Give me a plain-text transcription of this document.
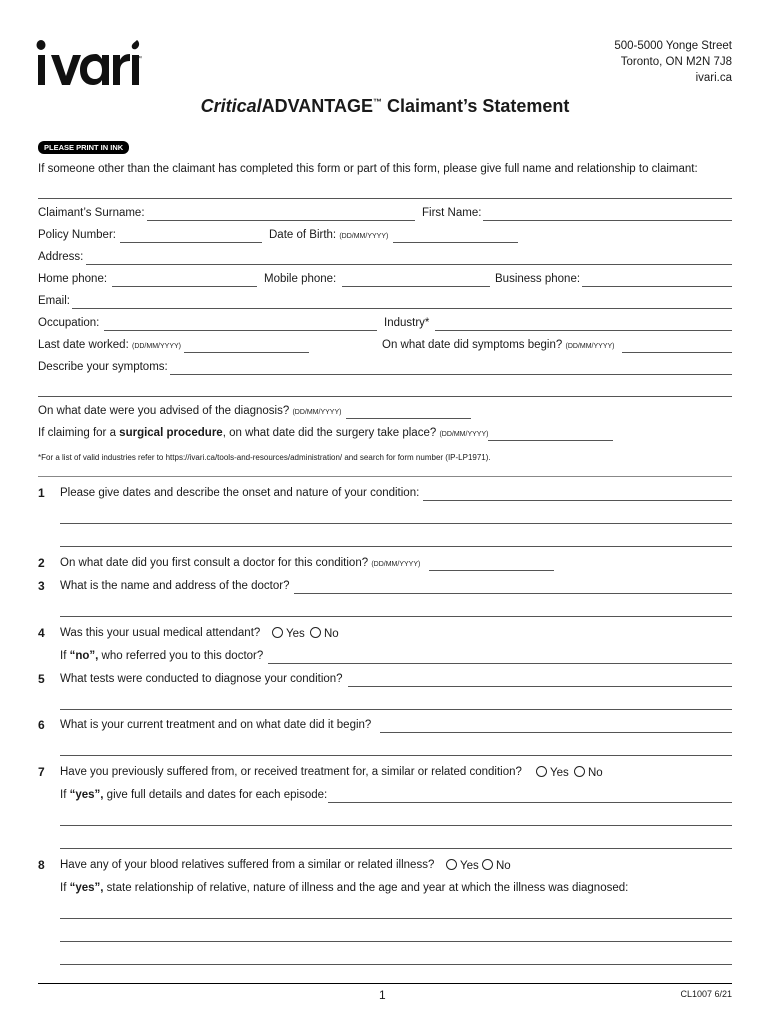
™
500-5000 Yonge Street
Toronto, ON M2N 7J8
ivari.ca
CriticalADVANTAGE™ Claimant’s Statement
PLEASE PRINT IN INK
If someone other than the claimant has completed this form or part of this form, please give full name and relationship to claimant:
Claimant’s Surname:	First Name:
Policy Number:	Date of Birth: (DD/MM/YYYY)
Address:
Home phone:	Mobile phone:	Business phone:
Email:
Occupation:	Industry*
Last date worked: (DD/MM/YYYY)	On what date did symptoms begin? (DD/MM/YYYY)
Describe your symptoms:
On what date were you advised of the diagnosis? (DD/MM/YYYY)
If claiming for a surgical procedure, on what date did the surgery take place? (DD/MM/YYYY)
*For a list of valid industries refer to https://ivari.ca/tools-and-resources/administration/ and search for form number (IP-LP1971).
1 Please give dates and describe the onset and nature of your condition:
2 On what date did you first consult a doctor for this condition? (DD/MM/YYYY)
3 What is the name and address of the doctor?
4 Was this your usual medical attendant?	Yes	No
If “no”, who referred you to this doctor?
5 What tests were conducted to diagnose your condition?
6 What is your current treatment and on what date did it begin?
7 Have you previously suffered from, or received treatment for, a similar or related condition?	Yes	No
If “yes”, give full details and dates for each episode:
8 Have any of your blood relatives suffered from a similar or related illness?	Yes	No
If “yes”, state relationship of relative, nature of illness and the age and year at which the illness was diagnosed:
1	CL1007 6/21
